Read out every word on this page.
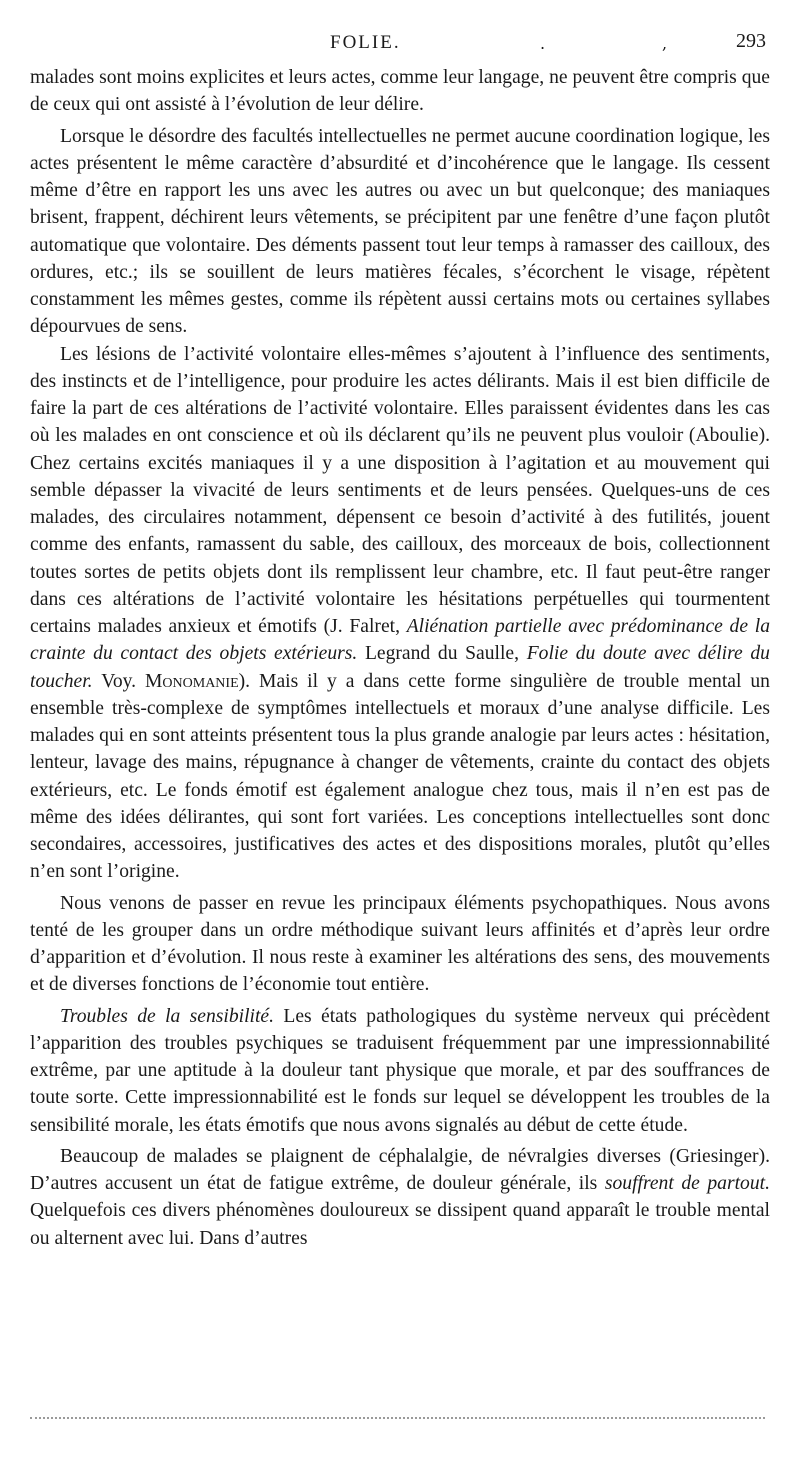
FOLIE.	.	,	293

malades sont moins explicites et leurs actes, comme leur langage, ne peuvent être compris que de ceux qui ont assisté à l’évolution de leur délire.

Lorsque le désordre des facultés intellectuelles ne permet aucune coordination logique, les actes présentent le même caractère d’absurdité et d’incohérence que le langage. Ils cessent même d’être en rapport les uns avec les autres ou avec un but quelconque; des maniaques brisent, frappent, déchirent leurs vêtements, se précipitent par une fenêtre d’une façon plutôt automatique que volontaire. Des déments passent tout leur temps à ramasser des cailloux, des ordures, etc.; ils se souillent de leurs matières fécales, s’écorchent le visage, répètent constamment les mêmes gestes, comme ils répètent aussi certains mots ou certaines syllabes dépourvues de sens.

Les lésions de l’activité volontaire elles-mêmes s’ajoutent à l’influence des sentiments, des instincts et de l’intelligence, pour produire les actes délirants. Mais il est bien difficile de faire la part de ces altérations de l’activité volontaire. Elles paraissent évidentes dans les cas où les malades en ont conscience et où ils déclarent qu’ils ne peuvent plus vouloir (Aboulie). Chez certains excités maniaques il y a une disposition à l’agitation et au mouvement qui semble dépasser la vivacité de leurs sentiments et de leurs pensées. Quelques-uns de ces malades, des circulaires notamment, dépensent ce besoin d’activité à des futilités, jouent comme des enfants, ramassent du sable, des cailloux, des morceaux de bois, collectionnent toutes sortes de petits objets dont ils remplissent leur chambre, etc. Il faut peut-être ranger dans ces altérations de l’activité volontaire les hésitations perpétuelles qui tourmentent certains malades anxieux et émotifs (J. Falret, Aliénation partielle avec prédominance de la crainte du contact des objets extérieurs. Legrand du Saulle, Folie du doute avec délire du toucher. Voy. Monomanie). Mais il y a dans cette forme singulière de trouble mental un ensemble très-complexe de symptômes intellectuels et moraux d’une analyse difficile. Les malades qui en sont atteints présentent tous la plus grande analogie par leurs actes : hésitation, lenteur, lavage des mains, répugnance à changer de vêtements, crainte du contact des objets extérieurs, etc. Le fonds émotif est également analogue chez tous, mais il n’en est pas de même des idées délirantes, qui sont fort variées. Les conceptions intellectuelles sont donc secondaires, accessoires, justificatives des actes et des dispositions morales, plutôt qu’elles n’en sont l’origine.

Nous venons de passer en revue les principaux éléments psychopathiques. Nous avons tenté de les grouper dans un ordre méthodique suivant leurs affinités et d’après leur ordre d’apparition et d’évolution. Il nous reste à examiner les altérations des sens, des mouvements et de diverses fonctions de l’économie tout entière.

Troubles de la sensibilité. Les états pathologiques du système nerveux qui précèdent l’apparition des troubles psychiques se traduisent fréquemment par une impressionnabilité extrême, par une aptitude à la douleur tant physique que morale, et par des souffrances de toute sorte. Cette impressionnabilité est le fonds sur lequel se développent les troubles de la sensibilité morale, les états émotifs que nous avons signalés au début de cette étude.

Beaucoup de malades se plaignent de céphalalgie, de névralgies diverses (Griesinger). D’autres accusent un état de fatigue extrême, de douleur générale, ils souffrent de partout. Quelquefois ces divers phénomènes douloureux se dissipent quand apparaît le trouble mental ou alternent avec lui. Dans d’autres
